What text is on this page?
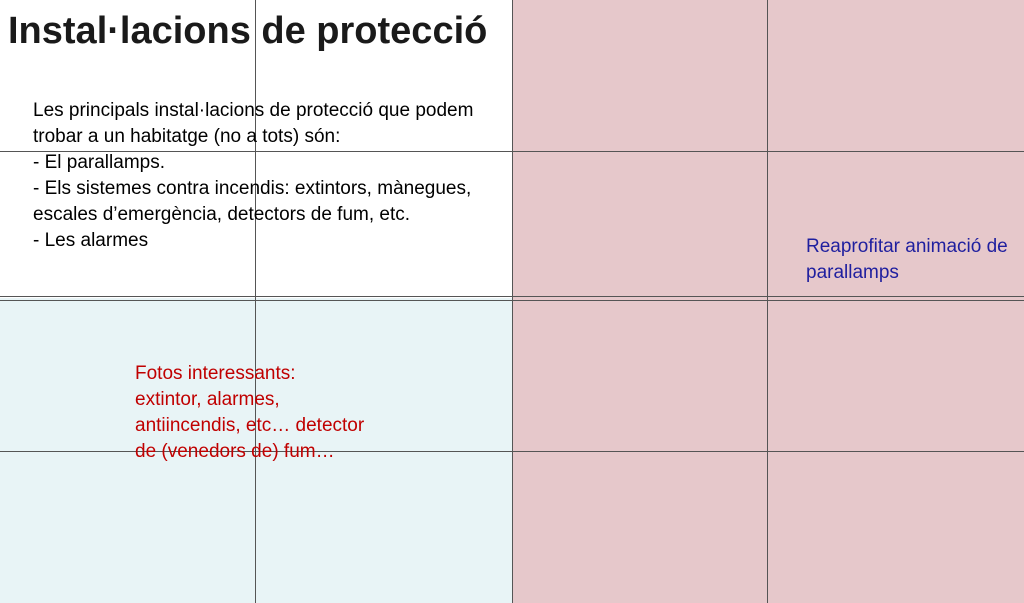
Instal·lacions de protecció
Les principals instal·lacions de protecció que podem trobar a un habitatge (no a tots) són:
- El parallamps.
- Els sistemes contra incendis: extintors, mànegues, escales d’emergència, detectors de fum, etc.
- Les alarmes
Fotos interessants: extintor, alarmes, antiincendis, etc… detector de (venedors de) fum…
Reaprofitar animació de parallamps
